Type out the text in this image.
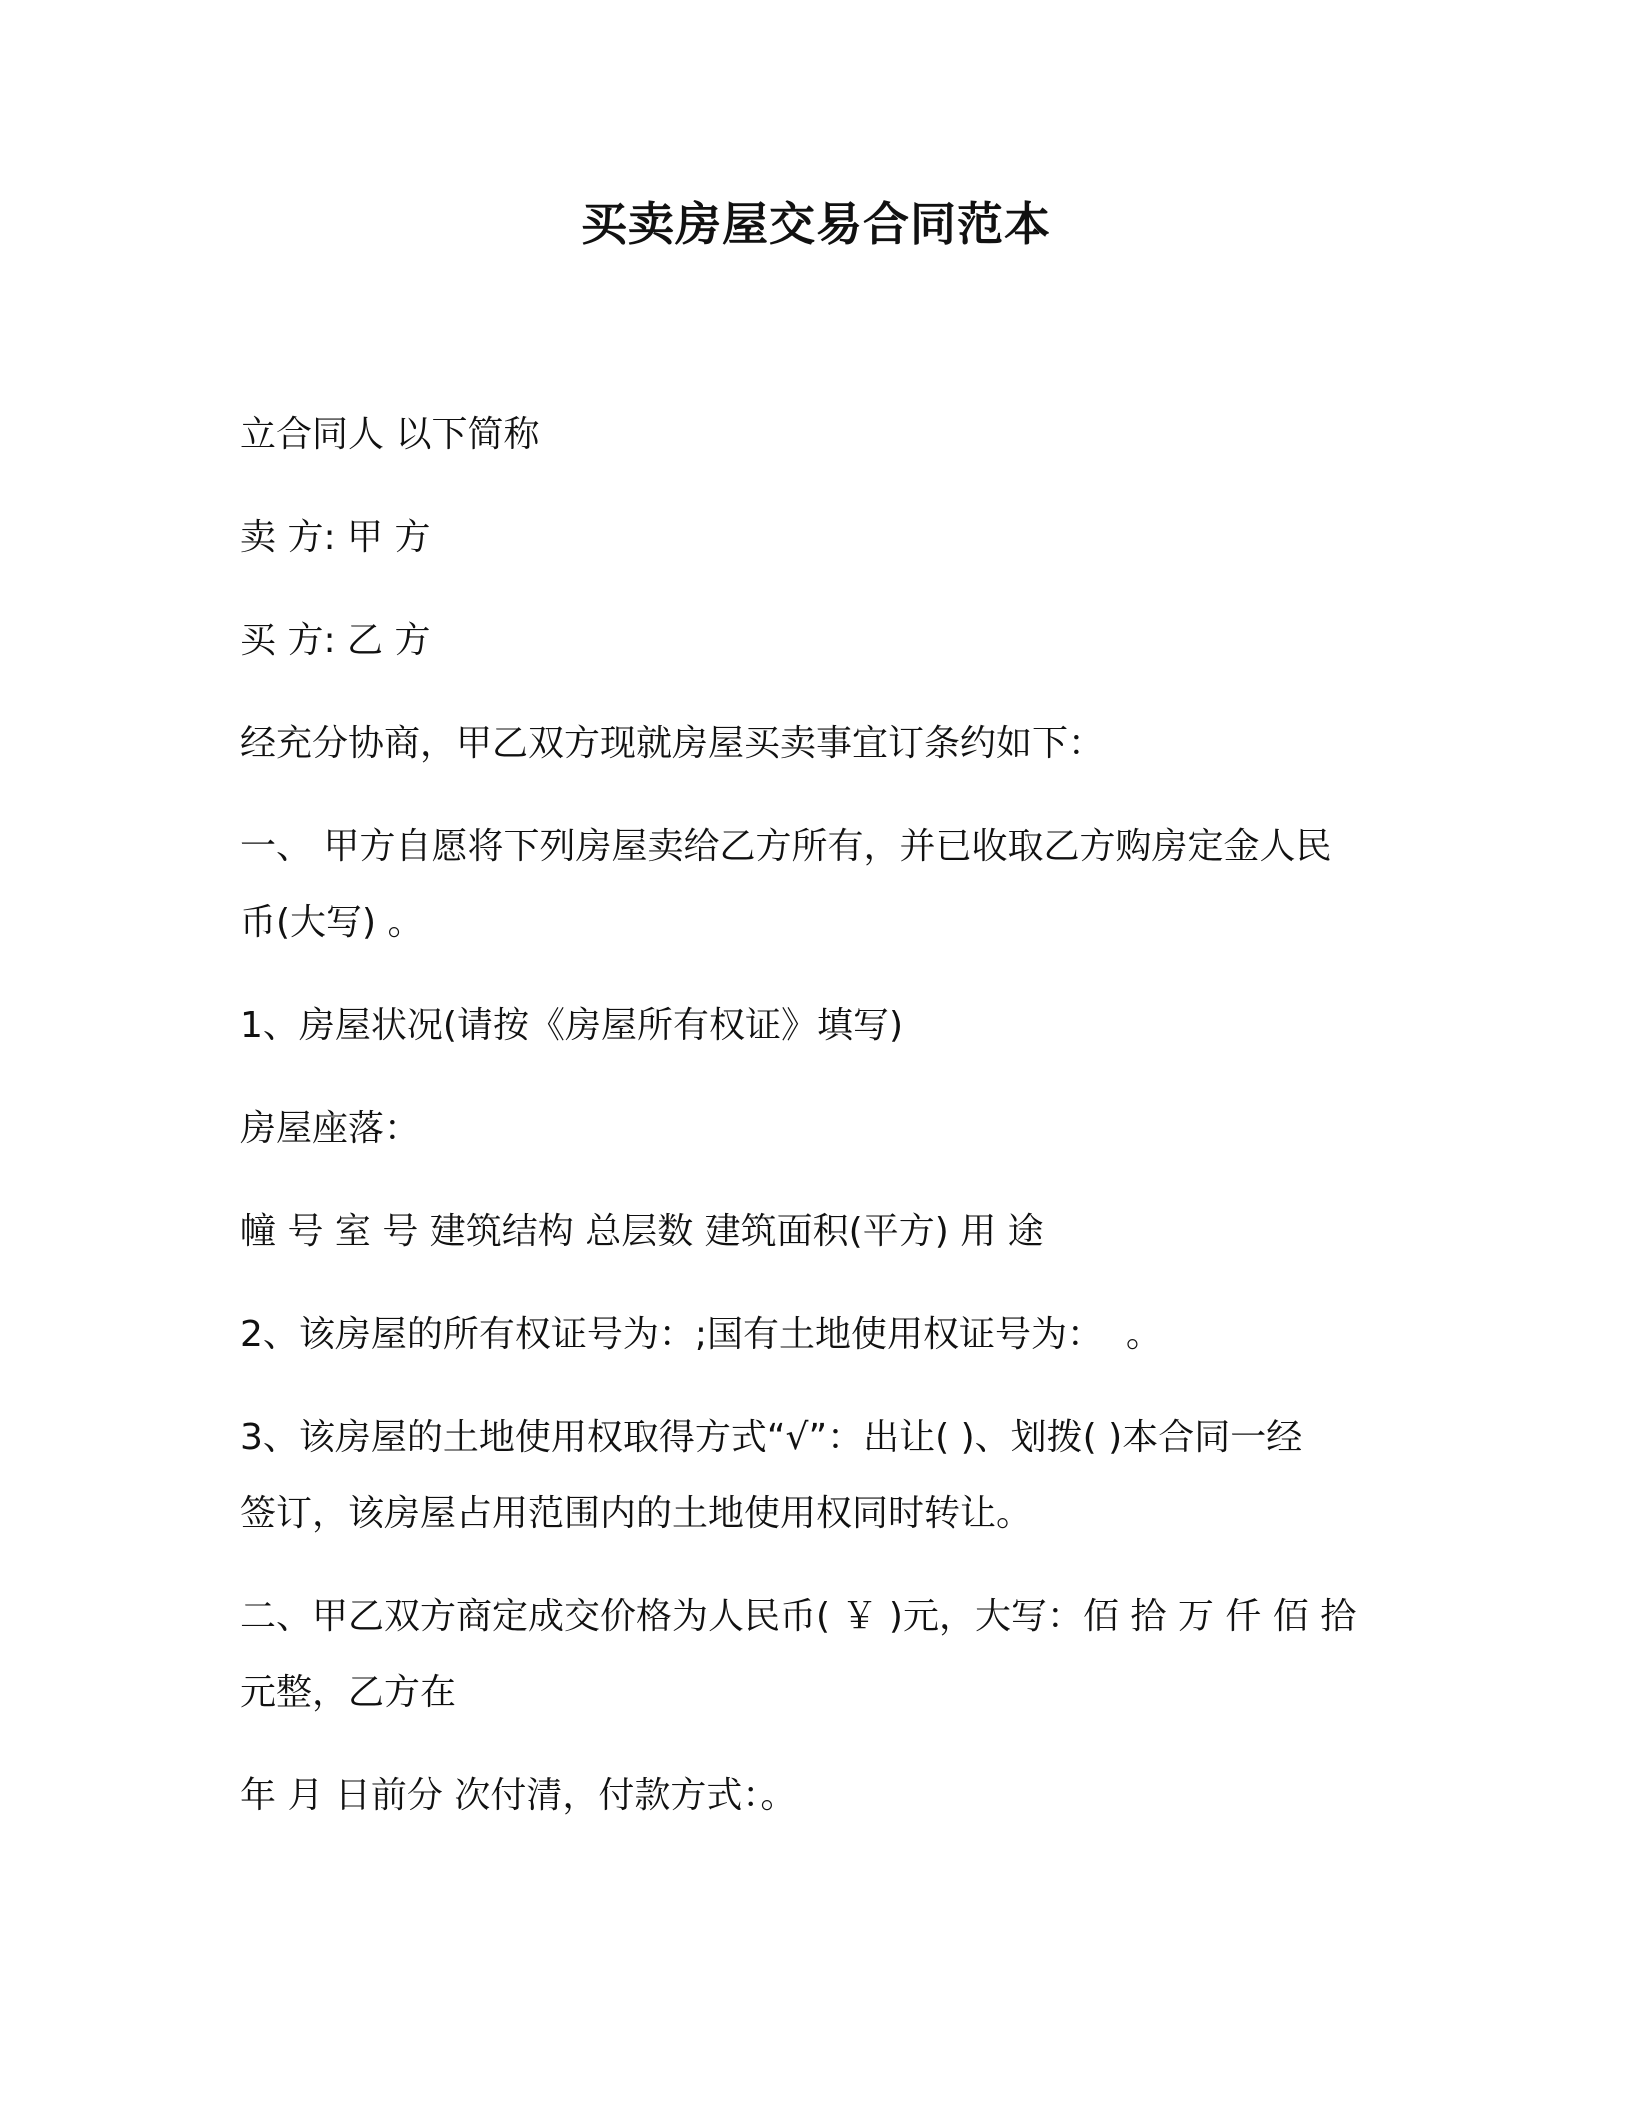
买卖房屋交易合同范本

立合同人 以下简称

卖 方: 甲 方

买 方: 乙 方

经充分协商，甲乙双方现就房屋买卖事宜订条约如下：

一、 甲方自愿将下列房屋卖给乙方所有，并已收取乙方购房定金人民

币(大写) 。

1、房屋状况(请按《房屋所有权证》填写)

房屋座落：

幢 号 室 号 建筑结构 总层数 建筑面积(平方) 用 途

2、该房屋的所有权证号为：;国有土地使用权证号为：  。

3、该房屋的土地使用权取得方式“√”：出让( )、划拨( )本合同一经

签订，该房屋占用范围内的土地使用权同时转让。

二、甲乙双方商定成交价格为人民币( ￥ )元，大写：佰 拾 万 仟 佰 拾

元整，乙方在

年 月 日前分 次付清，付款方式：。
